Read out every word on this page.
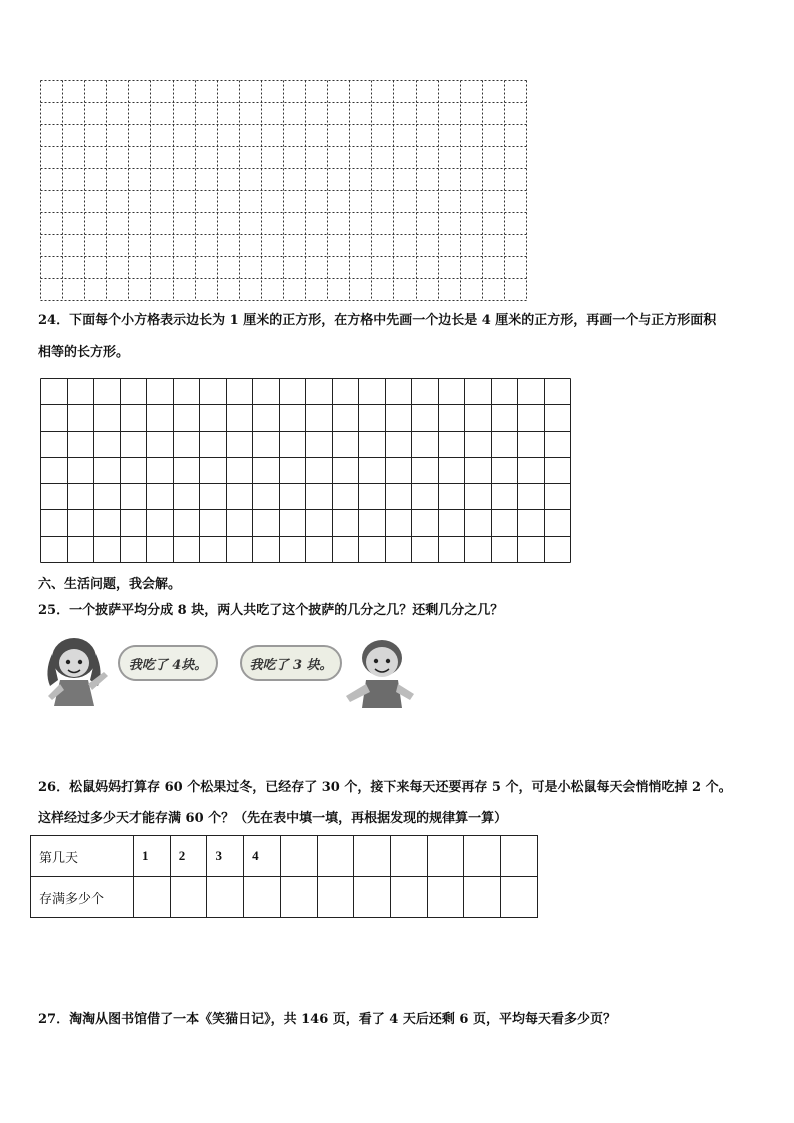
24．下面每个小方格表示边长为 1 厘米的正方形，在方格中先画一个边长是 4 厘米的正方形，再画一个与正方形面积
相等的长方形。
六、生活问题，我会解。
25．一个披萨平均分成 8 块，两人共吃了这个披萨的几分之几？还剩几分之几？
我吃了 4块。	我吃了 3 块。
26．松鼠妈妈打算存 60 个松果过冬，已经存了 30 个，接下来每天还要再存 5 个，可是小松鼠每天会悄悄吃掉 2 个。
这样经过多少天才能存满 60 个？（先在表中填一填，再根据发现的规律算一算）
第几天	1	2	3	4							
存满多少个											
27．淘淘从图书馆借了一本《笑猫日记》，共 146 页，看了 4 天后还剩 6 页，平均每天看多少页？
